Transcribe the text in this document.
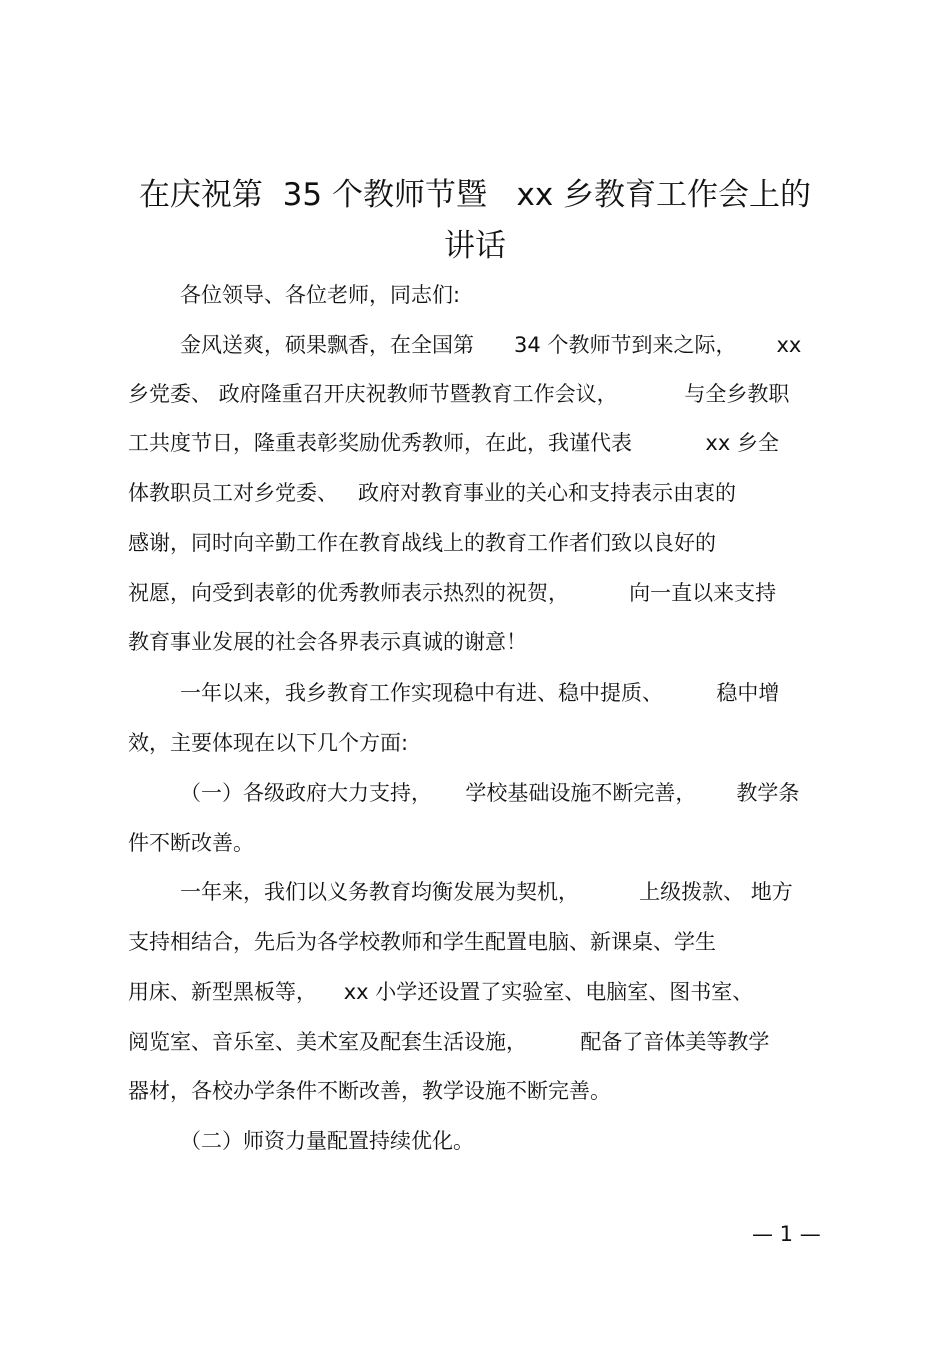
在庆祝第  35 个教师节暨   xx 乡教育工作会上的
讲话

各位领导、各位老师，同志们:

金风送爽，硕果飘香，在全国第      34 个教师节到来之际，      xx

乡党委、 政府隆重召开庆祝教师节暨教育工作会议，          与全乡教职

工共度节日，隆重表彰奖励优秀教师，在此，我谨代表           xx 乡全

体教职员工对乡党委、   政府对教育事业的关心和支持表示由衷的

感谢，同时向辛勤工作在教育战线上的教育工作者们致以良好的

祝愿，向受到表彰的优秀教师表示热烈的祝贺，         向一直以来支持

教育事业发展的社会各界表示真诚的谢意！

一年以来，我乡教育工作实现稳中有进、稳中提质、        稳中增

效，主要体现在以下几个方面:

（一）各级政府大力支持，     学校基础设施不断完善，      教学条

件不断改善。

一年来，我们以义务教育均衡发展为契机，         上级拨款、 地方

支持相结合，先后为各学校教师和学生配置电脑、新课桌、学生

用床、新型黑板等，    xx 小学还设置了实验室、电脑室、图书室、

阅览室、音乐室、美术室及配套生活设施，        配备了音体美等教学

器材，各校办学条件不断改善，教学设施不断完善。

（二）师资力量配置持续优化。

— 1 —
